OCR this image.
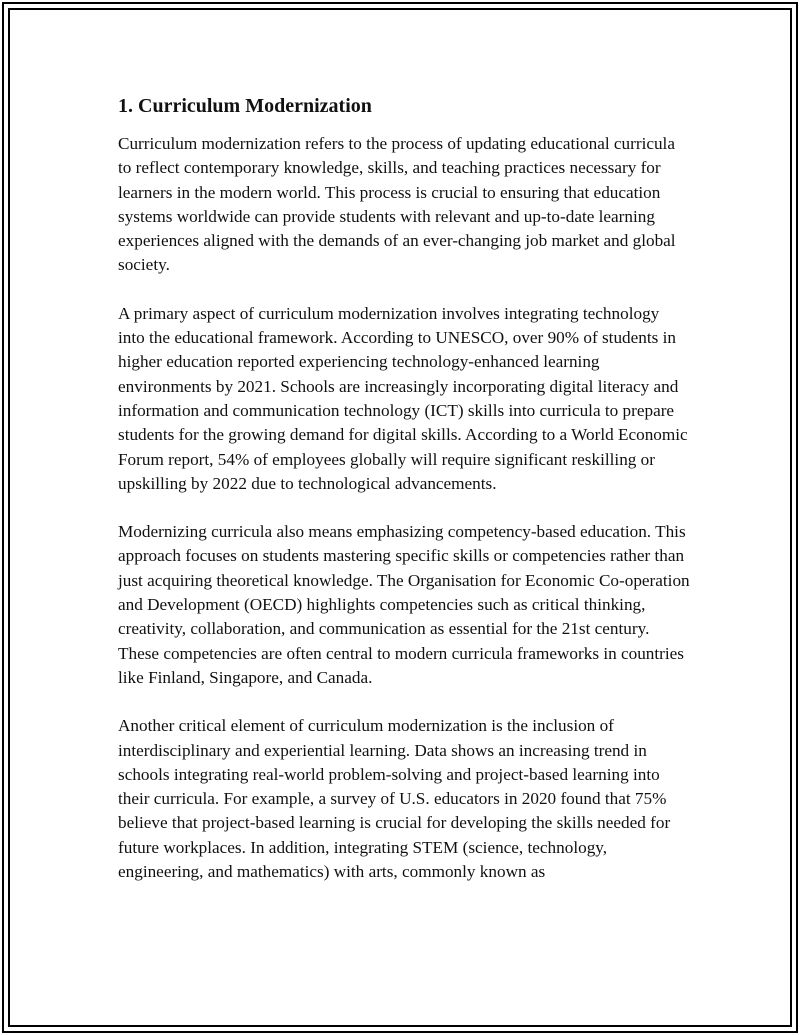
1. Curriculum Modernization

Curriculum modernization refers to the process of updating educational curricula to reflect contemporary knowledge, skills, and teaching practices necessary for learners in the modern world. This process is crucial to ensuring that education systems worldwide can provide students with relevant and up-to-date learning experiences aligned with the demands of an ever-changing job market and global society.

A primary aspect of curriculum modernization involves integrating technology into the educational framework. According to UNESCO, over 90% of students in higher education reported experiencing technology-enhanced learning environments by 2021. Schools are increasingly incorporating digital literacy and information and communication technology (ICT) skills into curricula to prepare students for the growing demand for digital skills. According to a World Economic Forum report, 54% of employees globally will require significant reskilling or upskilling by 2022 due to technological advancements.

Modernizing curricula also means emphasizing competency-based education. This approach focuses on students mastering specific skills or competencies rather than just acquiring theoretical knowledge. The Organisation for Economic Co-operation and Development (OECD) highlights competencies such as critical thinking, creativity, collaboration, and communication as essential for the 21st century. These competencies are often central to modern curricula frameworks in countries like Finland, Singapore, and Canada.

Another critical element of curriculum modernization is the inclusion of interdisciplinary and experiential learning. Data shows an increasing trend in schools integrating real-world problem-solving and project-based learning into their curricula. For example, a survey of U.S. educators in 2020 found that 75% believe that project-based learning is crucial for developing the skills needed for future workplaces. In addition, integrating STEM (science, technology, engineering, and mathematics) with arts, commonly known as
